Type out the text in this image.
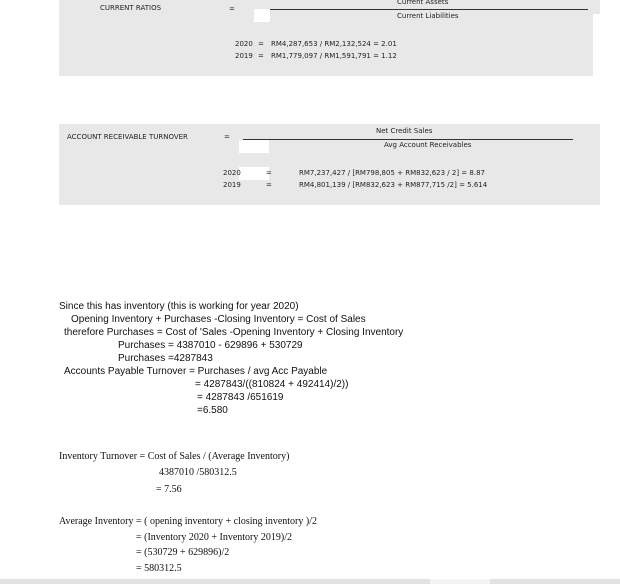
CURRENT RATIOS	=
Current Assets
Current Liabilities
2020 = RM4,287,653 / RM2,132,524 = 2.01
2019 = RM1,779,097 / RM1,591,791 = 1.12
ACCOUNT RECEIVABLE TURNOVER	=
Net Credit Sales
Avg Account Receivables
2020	=	RM7,237,427 / [RM798,805 + RM832,623 / 2] = 8.87
2019	=	RM4,801,139 / [RM832,623 + RM877,715 /2] = 5.614
Since this has inventory (this is working for year 2020)
Opening Inventory + Purchases -Closing Inventory = Cost of Sales
therefore Purchases = Cost of 'Sales -Opening Inventory + Closing Inventory
Purchases = 4387010 - 629896 + 530729
Purchases =4287843
Accounts Payable Turnover = Purchases / avg Acc Payable
= 4287843/((810824 + 492414)/2))
= 4287843 /651619
=6.580
Inventory Turnover = Cost of Sales / (Average Inventory)
4387010 /580312.5
= 7.56
Average Inventory = ( opening inventory + closing inventory )/2
= (Inventory 2020 + Inventory 2019)/2
= (530729 + 629896)/2
= 580312.5
